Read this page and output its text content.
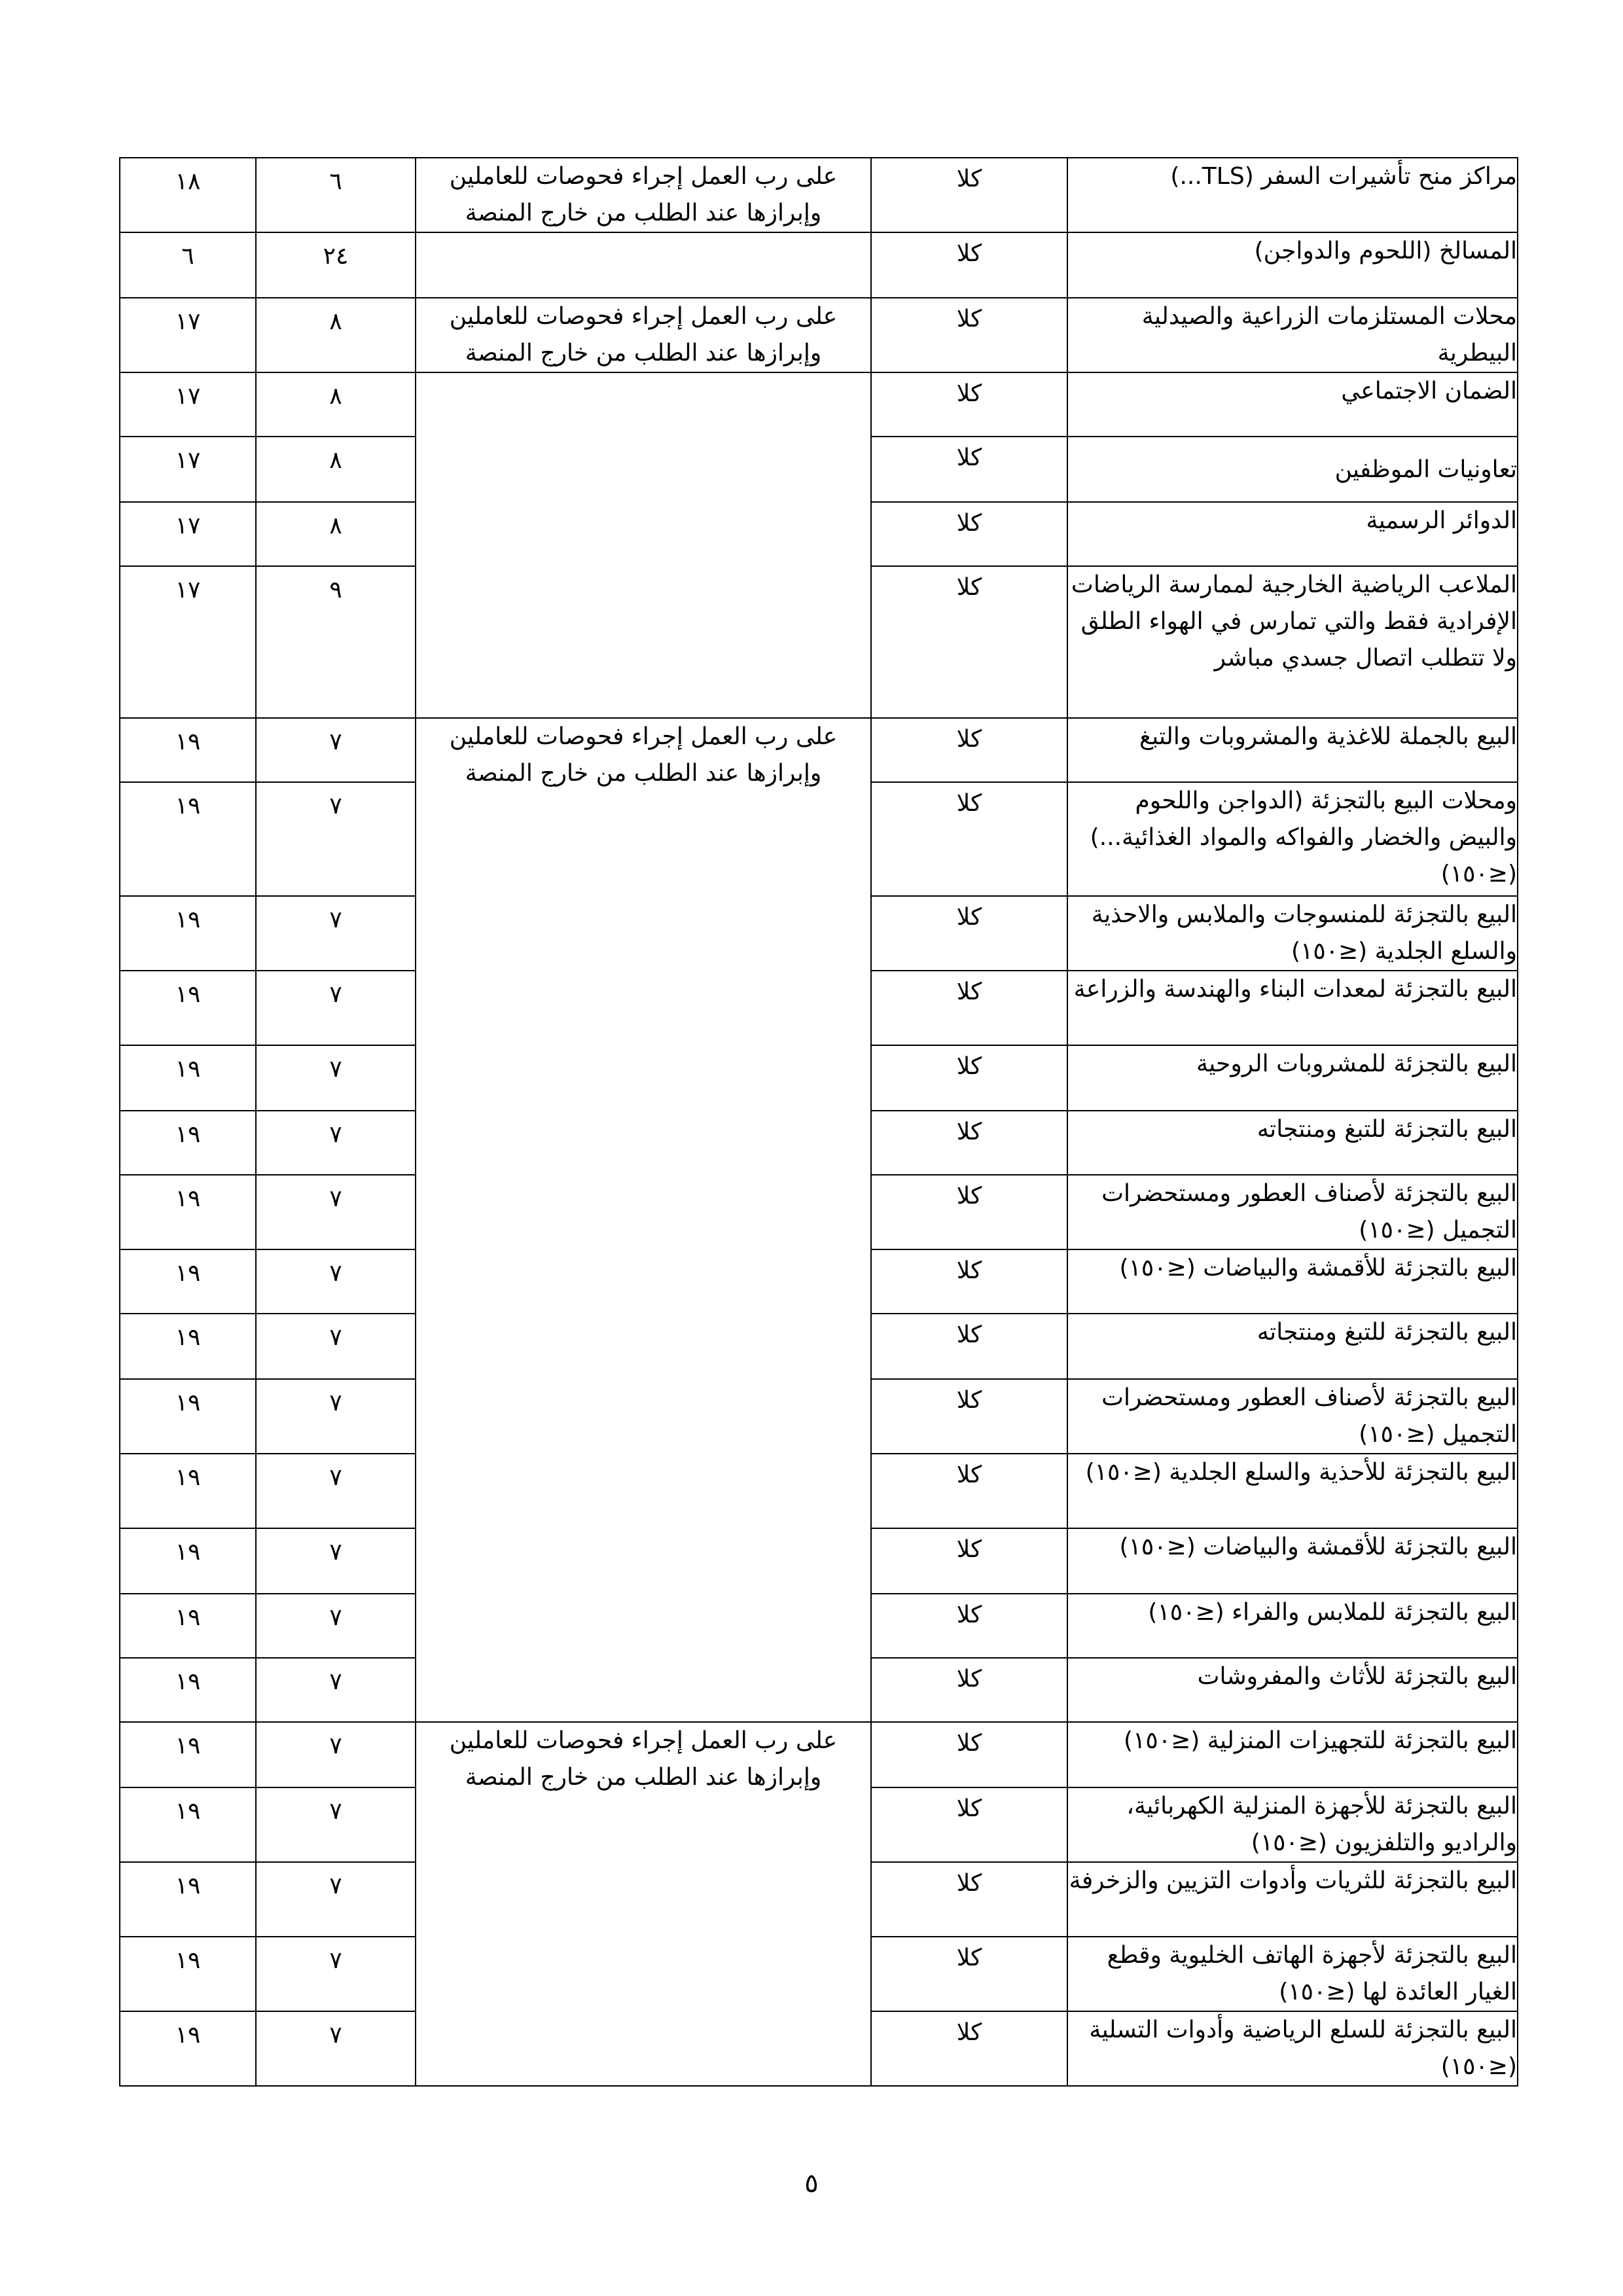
١٨	٦	على رب العمل إجراء فحوصات للعاملين وإبرازها عند الطلب من خارج المنصة	كلا	مراكز منح تأشيرات السفر (TLS...)

٦	٢٤		كلا	المسالخ (اللحوم والدواجن)

١٧	٨	على رب العمل إجراء فحوصات للعاملين وإبرازها عند الطلب من خارج المنصة	كلا	محلات المستلزمات الزراعية والصيدلية البيطرية

١٧	٨		كلا	الضمان الاجتماعي

١٧	٨		كلا	تعاونيات الموظفين

١٧	٨		كلا	الدوائر الرسمية

١٧	٩		كلا	الملاعب الرياضية الخارجية لممارسة الرياضات الإفرادية فقط والتي تمارس في الهواء الطلق ولا تتطلب اتصال جسدي مباشر

١٩	٧	على رب العمل إجراء فحوصات للعاملين وإبرازها عند الطلب من خارج المنصة	كلا	البيع بالجملة للاغذية والمشروبات والتبغ

١٩	٧		كلا	ومحلات البيع بالتجزئة (الدواجن واللحوم والبيض والخضار والفواكه والمواد الغذائية...) (≤١٥٠)

١٩	٧		كلا	البيع بالتجزئة للمنسوجات والملابس والاحذية والسلع الجلدية (≤١٥٠)

١٩	٧		كلا	البيع بالتجزئة لمعدات البناء والهندسة والزراعة

١٩	٧		كلا	البيع بالتجزئة للمشروبات الروحية

١٩	٧		كلا	البيع بالتجزئة للتبغ ومنتجاته

١٩	٧		كلا	البيع بالتجزئة لأصناف العطور ومستحضرات التجميل (≤١٥٠)

١٩	٧		كلا	البيع بالتجزئة للأقمشة والبياضات (≤١٥٠)

١٩	٧		كلا	البيع بالتجزئة للتبغ ومنتجاته

١٩	٧		كلا	البيع بالتجزئة لأصناف العطور ومستحضرات التجميل (≤١٥٠)

١٩	٧		كلا	البيع بالتجزئة للأحذية والسلع الجلدية (≤١٥٠)

١٩	٧		كلا	البيع بالتجزئة للأقمشة والبياضات (≤١٥٠)

١٩	٧		كلا	البيع بالتجزئة للملابس والفراء (≤١٥٠)

١٩	٧		كلا	البيع بالتجزئة للأثاث والمفروشات

١٩	٧	على رب العمل إجراء فحوصات للعاملين وإبرازها عند الطلب من خارج المنصة	كلا	البيع بالتجزئة للتجهيزات المنزلية (≤١٥٠)

١٩	٧		كلا	البيع بالتجزئة للأجهزة المنزلية الكهربائية، والراديو والتلفزيون (≤١٥٠)

١٩	٧		كلا	البيع بالتجزئة للثريات وأدوات التزيين والزخرفة

١٩	٧		كلا	البيع بالتجزئة لأجهزة الهاتف الخليوية وقطع الغيار العائدة لها (≤١٥٠)

١٩	٧		كلا	البيع بالتجزئة للسلع الرياضية وأدوات التسلية (≤١٥٠)
٥
